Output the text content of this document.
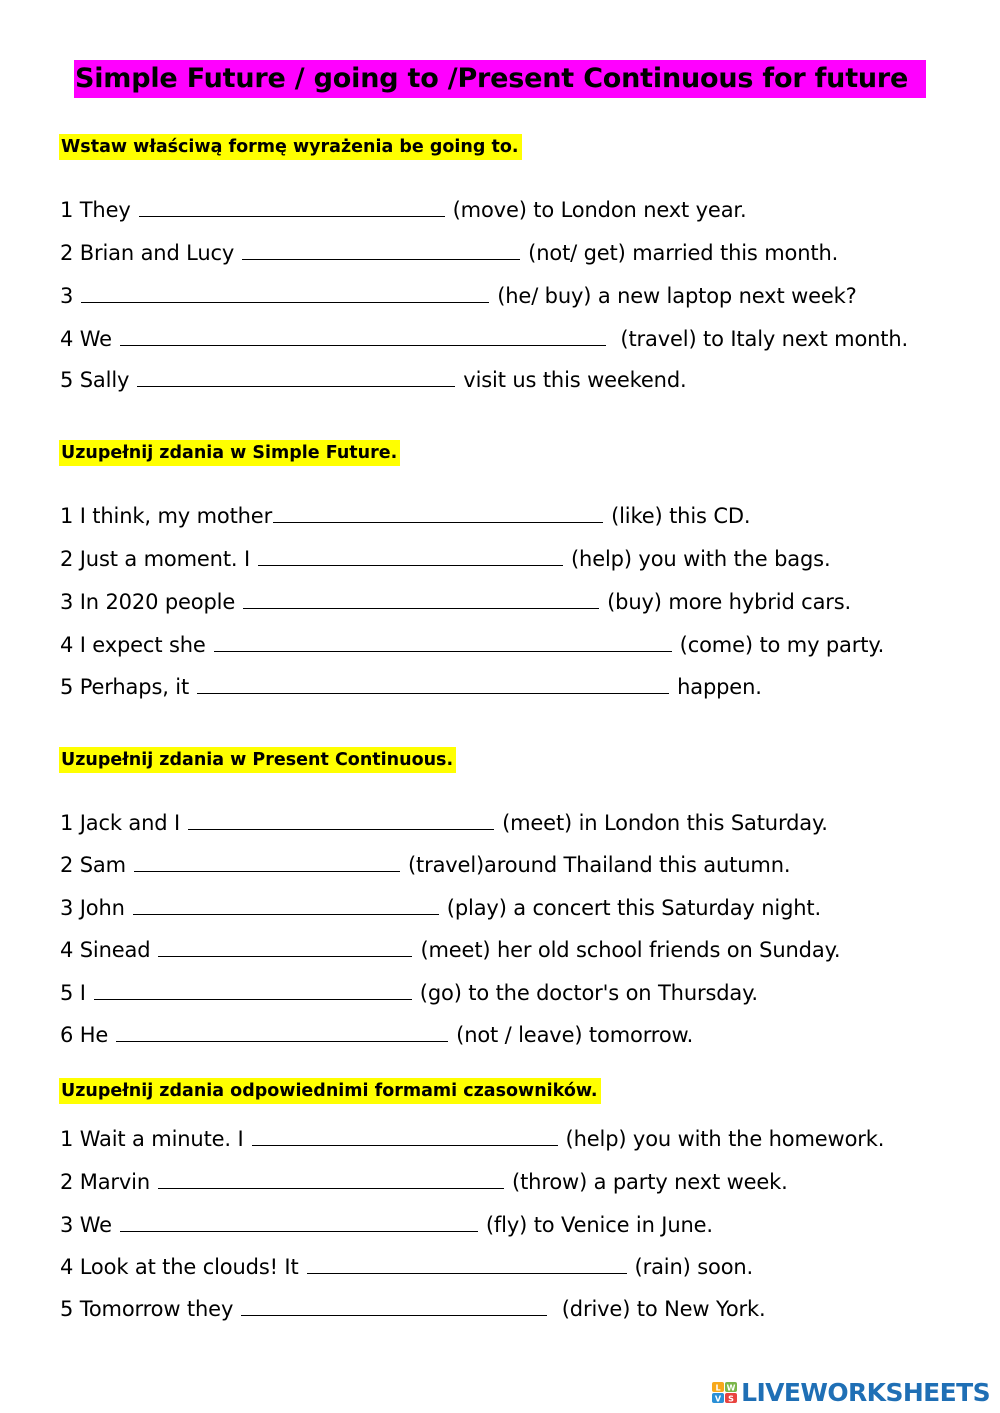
Simple Future / going to /Present Continuous for future
Wstaw właściwą formę wyrażenia be going to.
1 They	(move) to London next year.
2 Brian and Lucy	(not/ get) married this month.
3	(he/ buy) a new laptop next week?
4 We	(travel) to Italy next month.
5 Sally	visit us this weekend.
Uzupełnij zdania w Simple Future.
1 I think, my mother	(like) this CD.
2 Just a moment. I	(help) you with the bags.
3 In 2020 people	(buy) more hybrid cars.
4 I expect she	(come) to my party.
5 Perhaps, it	happen.
Uzupełnij zdania w Present Continuous.
1 Jack and I	(meet) in London this Saturday.
2 Sam	(travel)around Thailand this autumn.
3 John	(play) a concert this Saturday night.
4 Sinead	(meet) her old school friends on Sunday.
5 I	(go) to the doctor's on Thursday.
6 He	(not / leave) tomorrow.
Uzupełnij zdania odpowiednimi formami czasowników.
1 Wait a minute. I	(help) you with the homework.
2 Marvin	(throw) a party next week.
3 We	(fly) to Venice in June.
4 Look at the clouds! It	(rain) soon.
5 Tomorrow they	(drive) to New York.
L W
V S LIVEWORKSHEETS
